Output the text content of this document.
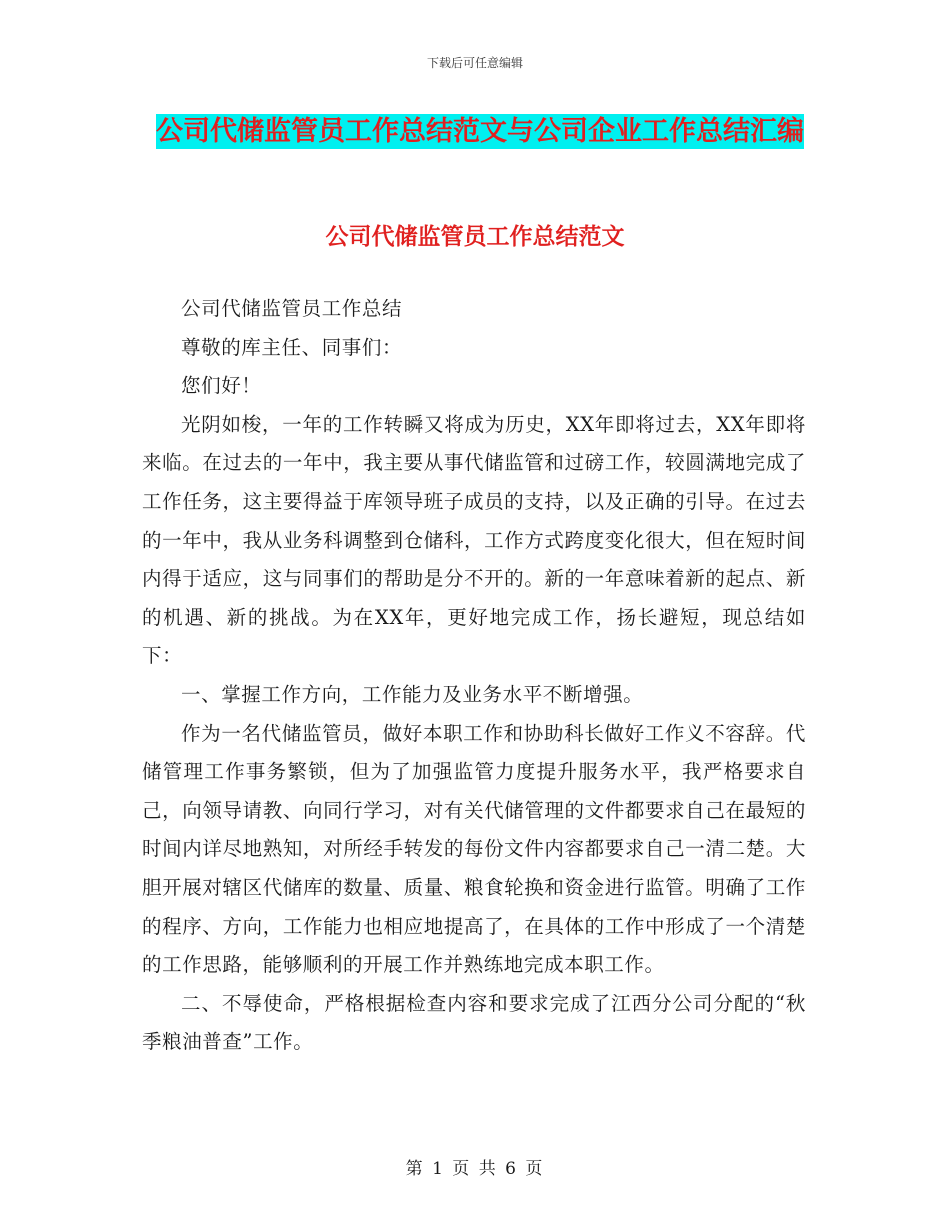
下载后可任意编辑
公司代储监管员工作总结范文与公司企业工作总结汇编
公司代储监管员工作总结范文

公司代储监管员工作总结

尊敬的库主任、同事们：

您们好！

光阴如梭，一年的工作转瞬又将成为历史，XX年即将过去，XX年即将来临。在过去的一年中，我主要从事代储监管和过磅工作，较圆满地完成了工作任务，这主要得益于库领导班子成员的支持，以及正确的引导。在过去的一年中，我从业务科调整到仓储科，工作方式跨度变化很大，但在短时间内得于适应，这与同事们的帮助是分不开的。新的一年意味着新的起点、新的机遇、新的挑战。为在XX年，更好地完成工作，扬长避短，现总结如下：

一、掌握工作方向，工作能力及业务水平不断增强。

作为一名代储监管员，做好本职工作和协助科长做好工作义不容辞。代储管理工作事务繁锁，但为了加强监管力度提升服务水平，我严格要求自己，向领导请教、向同行学习，对有关代储管理的文件都要求自己在最短的时间内详尽地熟知，对所经手转发的每份文件内容都要求自己一清二楚。大胆开展对辖区代储库的数量、质量、粮食轮换和资金进行监管。明确了工作的程序、方向，工作能力也相应地提高了，在具体的工作中形成了一个清楚的工作思路，能够顺利的开展工作并熟练地完成本职工作。

二、不辱使命，严格根据检查内容和要求完成了江西分公司分配的“秋季粮油普查”工作。

第 1 页 共 6 页
